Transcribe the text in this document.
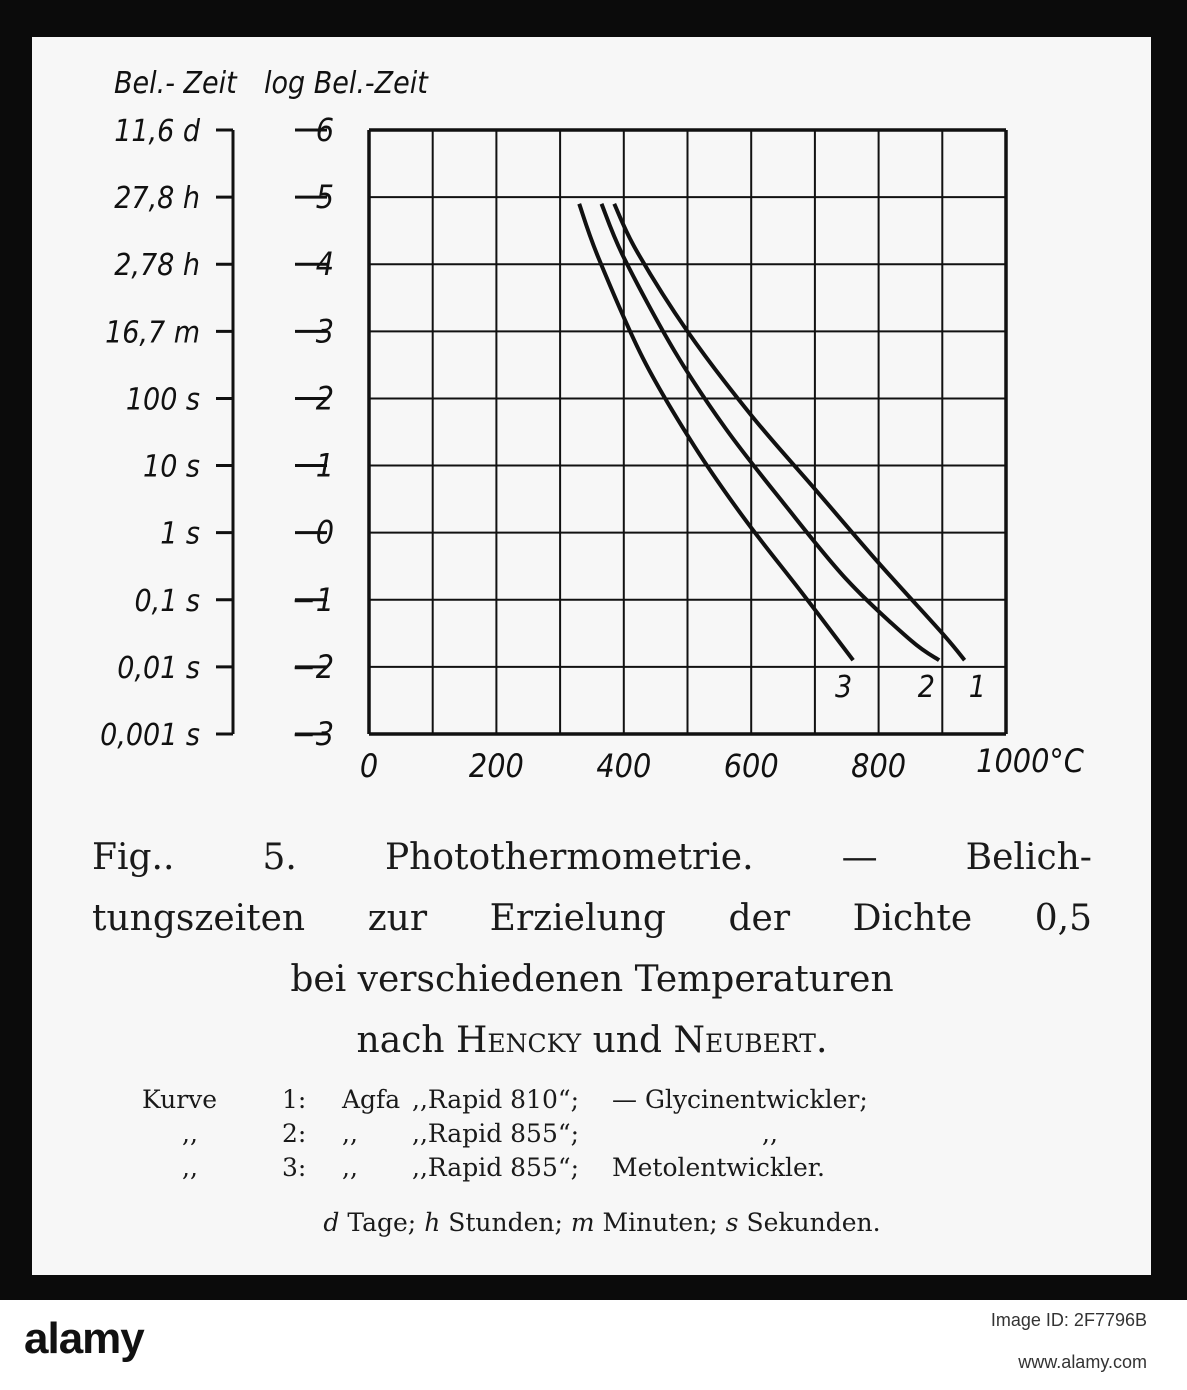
11,6 d	6
27,8 h	5
2,78 h	4
16,7 m	3
100 s	2
10 s	1
1 s	0
0,1 s	−1
0,01 s	−2
0,001 s	−3
0	200 400 600 800 1000°C
1
2
3
Bel.- Zeit log Bel.-Zeit
Fig.. 5. Photothermometrie. — Belich-
tungszeiten zur Erzielung der Dichte 0,5
bei verschiedenen Temperaturen
nach Hencky und Neubert.
Kurve	1:	Agfa ,,Rapid 810“;	— Glycinentwickler;
,,	2:	,,	,,Rapid 855“;	,,
,,	3:	,,	,,Rapid 855“;	Metolentwickler.
d Tage; h Stunden; m Minuten; s Sekunden.
alamy	Image ID: 2F7796B
www.alamy.com
